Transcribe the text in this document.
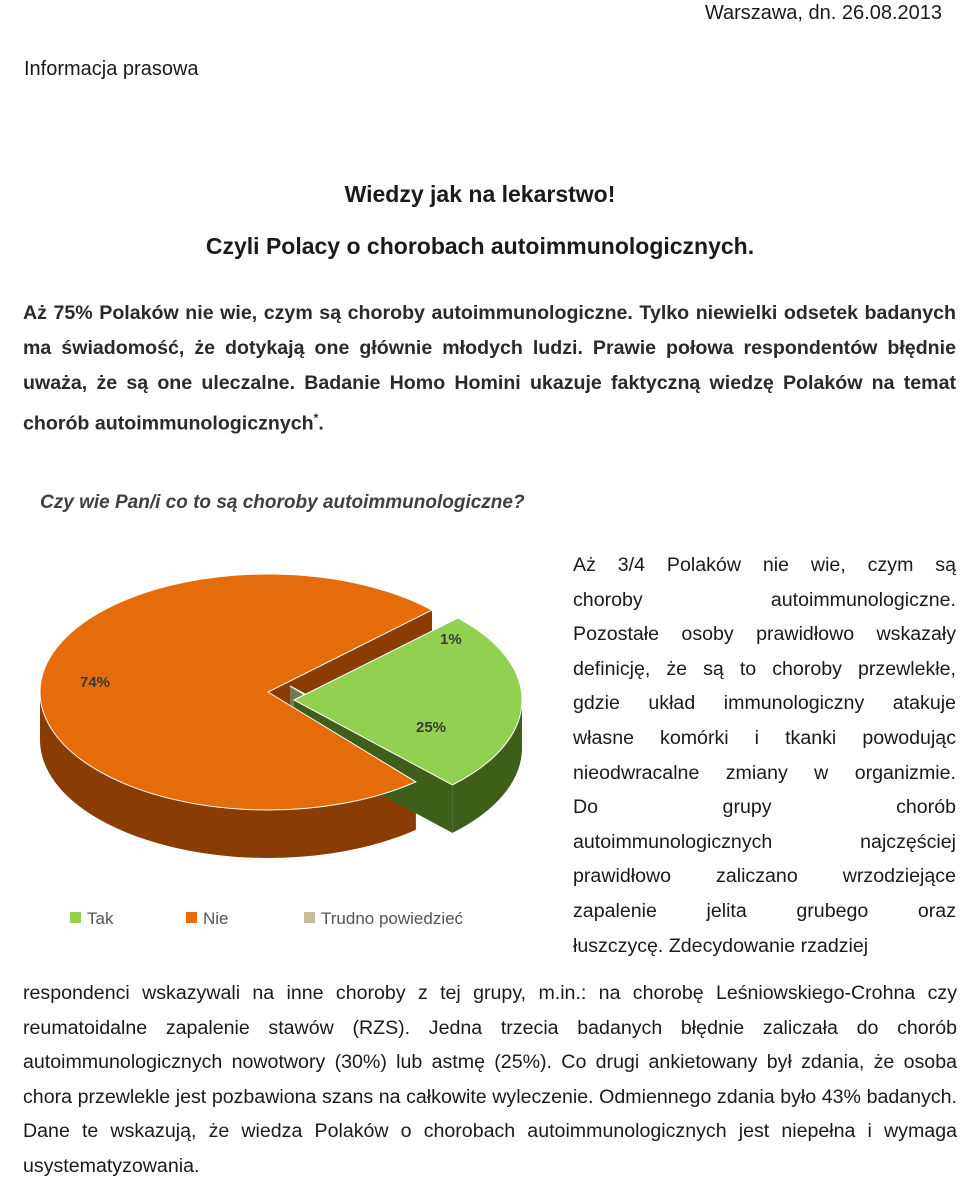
Warszawa, dn. 26.08.2013
Informacja prasowa
Wiedzy jak na lekarstwo!
Czyli Polacy o chorobach autoimmunologicznych.

Aż 75% Polaków nie wie, czym są choroby autoimmunologiczne. Tylko niewielki odsetek badanych ma świadomość, że dotykają one głównie młodych ludzi. Prawie połowa respondentów błędnie uważa, że są one uleczalne. Badanie Homo Homini ukazuje faktyczną wiedzę Polaków na temat chorób autoimmunologicznych*.

Czy wie Pan/i co to są choroby autoimmunologiczne?
25%
74%
1%
Tak	Nie	Trudno powiedzieć
Aż 3/4 Polaków nie wie, czym są
choroby autoimmunologiczne.
Pozostałe osoby prawidłowo wskazały
definicję, że są to choroby przewlekłe,
gdzie układ immunologiczny atakuje
własne komórki i tkanki powodując
nieodwracalne zmiany w organizmie.
Do grupy chorób
autoimmunologicznych najczęściej
prawidłowo zaliczano wrzodziejące
zapalenie jelita grubego oraz
łuszczycę. Zdecydowanie rzadziej

respondenci wskazywali na inne choroby z tej grupy, m.in.: na chorobę Leśniowskiego-Crohna czy reumatoidalne zapalenie stawów (RZS). Jedna trzecia badanych błędnie zaliczała do chorób autoimmunologicznych nowotwory (30%) lub astmę (25%). Co drugi ankietowany był zdania, że osoba chora przewlekle jest pozbawiona szans na całkowite wyleczenie. Odmiennego zdania było 43% badanych. Dane te wskazują, że wiedza Polaków o chorobach autoimmunologicznych jest niepełna i wymaga usystematyzowania.
